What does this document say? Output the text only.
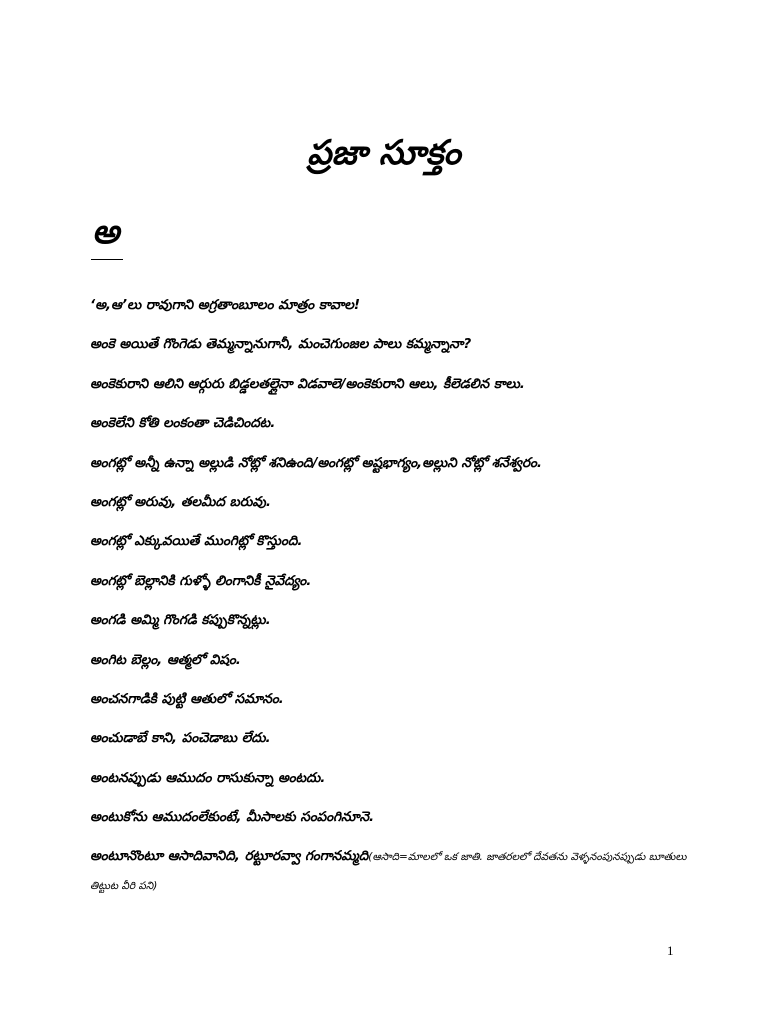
ప్రజా సూక్తం
అ
‘అ,ఆ’లు రావుగాని అగ్రతాంబూలం మాత్రం కావాల!
అంకె అయితే గొంగెడు తెమ్మన్నానుగానీ, మంచెగుంజల పాలు కమ్మన్నానా?
అంకెకురాని ఆలిని ఆర్గురు బిడ్డలతల్లైనా విడవాలె/అంకెకురాని ఆలు, కీలెడలిన కాలు.
అంకెలేని కోతి లంకంతా చెడిచిందట.
అంగట్లో అన్నీ ఉన్నా అల్లుడి నోట్లో శనిఉంది/అంగట్లో అష్టభాగ్యం,అల్లుని నోట్లో శనేశ్వరం.
అంగట్లో అరువు, తలమీద బరువు.
అంగట్లో ఎక్కువయితే ముంగిట్లో కొస్తుంది.
అంగట్లో బెల్లానికి గుళ్ళో లింగానికీ నైవేద్యం.
అంగడి అమ్మి గొంగడి కప్పుకొన్నట్లు.
అంగిట బెల్లం, ఆత్మలో విషం.
అంచనగాడికి పుట్టి ఆతులో సమానం.
అంచుడాబే కాని, పంచెడాబు లేదు.
అంటనప్పుడు ఆముదం రాసుకున్నా అంటదు.
అంటుకోను ఆముదంలేకుంటే, మీసాలకు సంపంగినూనె.
అంటూనొంటూ ఆసాదివానిది, రట్టూరవ్వా గంగానమ్మది(ఆసాది=మాలలో ఒక జాతి. జాతరలలో దేవతను వెళ్ళనంపునప్పుడు బూతులు తిట్టుట వీరి పని)
1
